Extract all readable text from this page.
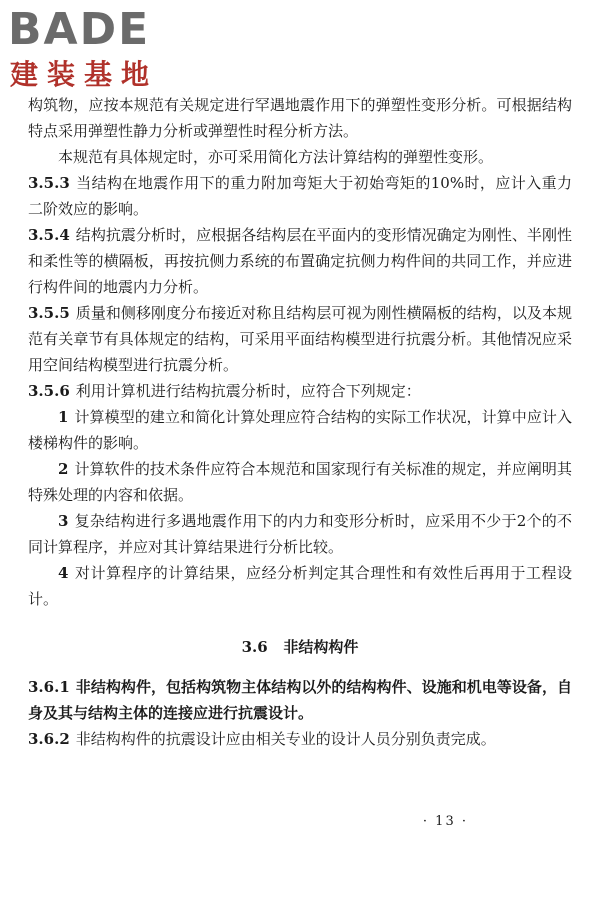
BADE
建装基地

构筑物，应按本规范有关规定进行罕遇地震作用下的弹塑性变形分析。可根据结构特点采用弹塑性静力分析或弹塑性时程分析方法。

本规范有具体规定时，亦可采用简化方法计算结构的弹塑性变形。

3.5.3 当结构在地震作用下的重力附加弯矩大于初始弯矩的10%时，应计入重力二阶效应的影响。

3.5.4 结构抗震分析时，应根据各结构层在平面内的变形情况确定为刚性、半刚性和柔性等的横隔板，再按抗侧力系统的布置确定抗侧力构件间的共同工作，并应进行构件间的地震内力分析。

3.5.5 质量和侧移刚度分布接近对称且结构层可视为刚性横隔板的结构，以及本规范有关章节有具体规定的结构，可采用平面结构模型进行抗震分析。其他情况应采用空间结构模型进行抗震分析。

3.5.6 利用计算机进行结构抗震分析时，应符合下列规定：

1 计算模型的建立和简化计算处理应符合结构的实际工作状况，计算中应计入楼梯构件的影响。

2 计算软件的技术条件应符合本规范和国家现行有关标准的规定，并应阐明其特殊处理的内容和依据。

3 复杂结构进行多遇地震作用下的内力和变形分析时，应采用不少于2个的不同计算程序，并应对其计算结果进行分析比较。

4 对计算程序的计算结果，应经分析判定其合理性和有效性后再用于工程设计。

3.6 非结构构件

3.6.1 非结构构件，包括构筑物主体结构以外的结构构件、设施和机电等设备，自身及其与结构主体的连接应进行抗震设计。

3.6.2 非结构构件的抗震设计应由相关专业的设计人员分别负责完成。

· 13 ·
